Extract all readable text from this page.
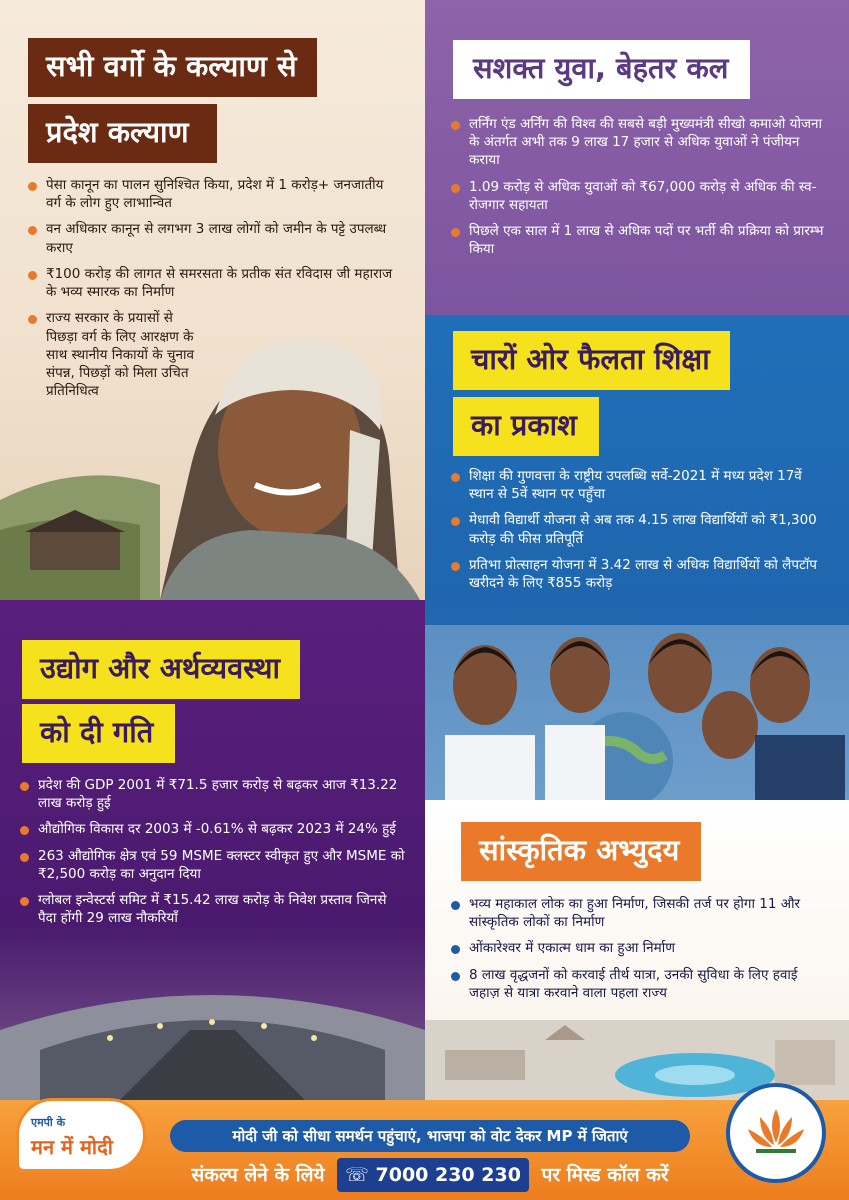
सभी वर्गो के कल्याण से
प्रदेश कल्याण
पेसा कानून का पालन सुनिश्चित किया, प्रदेश में 1 करोड़+ जनजातीय वर्ग के लोग हुए लाभान्वित
वन अधिकार कानून से लगभग 3 लाख लोगों को जमीन के पट्टे उपलब्ध कराए
₹100 करोड़ की लागत से समरसता के प्रतीक संत रविदास जी महाराज के भव्य स्मारक का निर्माण
राज्य सरकार के प्रयासों से पिछड़ा वर्ग के लिए आरक्षण के साथ स्थानीय निकायों के चुनाव संपन्न, पिछड़ों को मिला उचित प्रतिनिधित्व
सशक्त युवा, बेहतर कल
लर्निंग एंड अर्निंग की विश्व की सबसे बड़ी मुख्यमंत्री सीखो कमाओ योजना के अंतर्गत अभी तक 9 लाख 17 हजार से अधिक युवाओं ने पंजीयन कराया
1.09 करोड़ से अधिक युवाओं को ₹67,000 करोड़ से अधिक की स्व-रोजगार सहायता
पिछले एक साल में 1 लाख से अधिक पदों पर भर्ती की प्रक्रिया को प्रारम्भ किया
चारों ओर फैलता शिक्षा
का प्रकाश
शिक्षा की गुणवत्ता के राष्ट्रीय उपलब्धि सर्वे-2021 में मध्य प्रदेश 17वें स्थान से 5वें स्थान पर पहुँचा
मेधावी विद्यार्थी योजना से अब तक 4.15 लाख विद्यार्थियों को ₹1,300 करोड़ की फीस प्रतिपूर्ति
प्रतिभा प्रोत्साहन योजना में 3.42 लाख से अधिक विद्यार्थियों को लैपटॉप खरीदने के लिए ₹855 करोड़
उद्योग और अर्थव्यवस्था
को दी गति
प्रदेश की GDP 2001 में ₹71.5 हजार करोड़ से बढ़कर आज ₹13.22 लाख करोड़ हुई
औद्योगिक विकास दर 2003 में -0.61% से बढ़कर 2023 में 24% हुई
263 औद्योगिक क्षेत्र एवं 59 MSME क्लस्टर स्वीकृत हुए और MSME को ₹2,500 करोड़ का अनुदान दिया
ग्लोबल इन्वेस्टर्स समिट में ₹15.42 लाख करोड़ के निवेश प्रस्ताव जिनसे पैदा होंगी 29 लाख नौकरियाँ
सांस्कृतिक अभ्युदय
भव्य महाकाल लोक का हुआ निर्माण, जिसकी तर्ज पर होगा 11 और सांस्कृतिक लोकों का निर्माण
ओंकारेश्वर में एकात्म धाम का हुआ निर्माण
8 लाख वृद्धजनों को करवाई तीर्थ यात्रा, उनकी सुविधा के लिए हवाई जहाज़ से यात्रा करवाने वाला पहला राज्य
मोदी जी को सीधा समर्थन पहुंचाएं, भाजपा को वोट देकर MP में जिताएं
संकल्प लेने के लिये ☏ 7000 230 230 पर मिस्ड कॉल करें
एमपी के
मन में मोदी
